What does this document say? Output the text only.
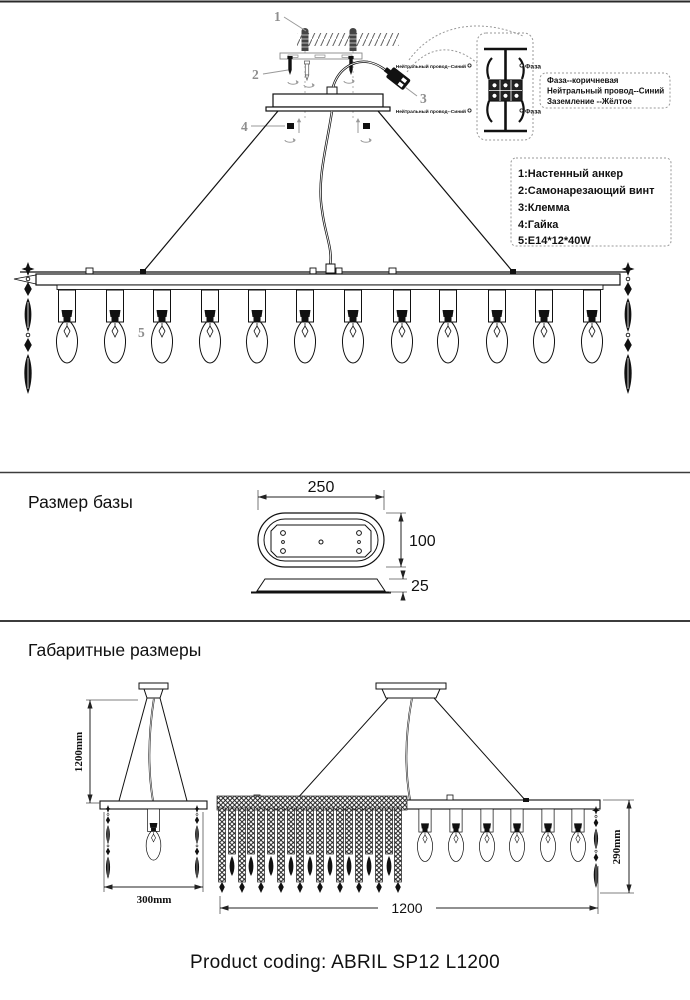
1
2
3
4
5
Нейтральный провод--Синий
Нейтральный провод--Синий
Фаза
Фаза
Фаза--коричневая
Нейтральный провод--Синий
Заземление --Жёлтое
1:Настенный анкер
2:Самонарезающий винт
3:Клемма
4:Гайка
5:E14*12*40W
Размер базы
250
100
25
Габаритные размеры
1200mm
300mm	1200
290mm
Product coding: ABRIL SP12 L1200
